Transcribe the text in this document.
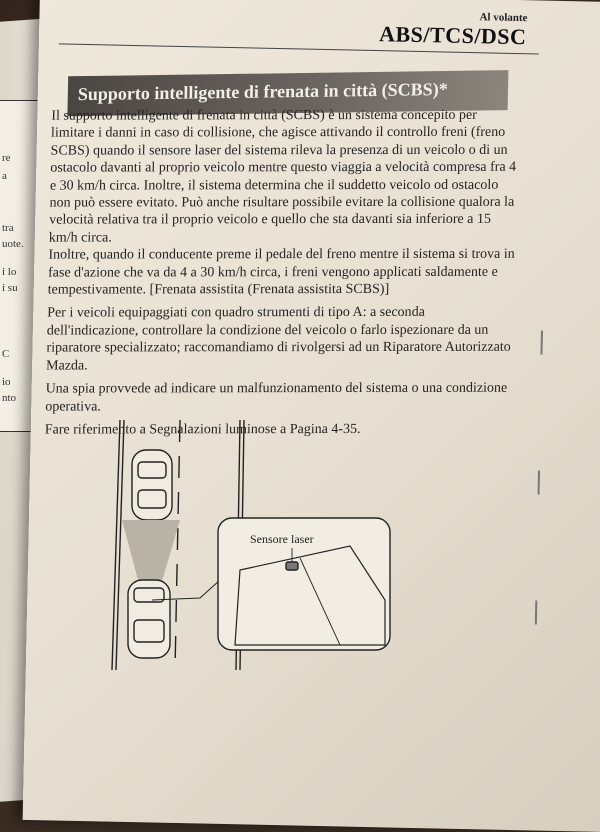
re
a
tra
uote.
i lo
i su
C
io
nto
Al volante
ABS/TCS/DSC
Supporto intelligente di frenata in città (SCBS)*

Il supporto intelligente di frenata in città (SCBS) è un sistema concepito per limitare i danni in caso di collisione, che agisce attivando il controllo freni (freno SCBS) quando il sensore laser del sistema rileva la presenza di un veicolo o di un ostacolo davanti al proprio veicolo mentre questo viaggia a velocità compresa fra 4 e 30 km/h circa. Inoltre, il sistema determina che il suddetto veicolo od ostacolo non può essere evitato. Può anche risultare possibile evitare la collisione qualora la velocità relativa tra il proprio veicolo e quello che sta davanti sia inferiore a 15 km/h circa.

Inoltre, quando il conducente preme il pedale del freno mentre il sistema si trova in fase d'azione che va da 4 a 30 km/h circa, i freni vengono applicati saldamente e tempestivamente. [Frenata assistita (Frenata assistita SCBS)]

Per i veicoli equipaggiati con quadro strumenti di tipo A: a seconda dell'indicazione, controllare la condizione del veicolo o farlo ispezionare da un riparatore specializzato; raccomandiamo di rivolgersi ad un Riparatore Autorizzato Mazda.

Una spia provvede ad indicare un malfunzionamento del sistema o una condizione operativa.

Fare riferimento a Segnalazioni luminose a Pagina 4-35.

Sensore laser
